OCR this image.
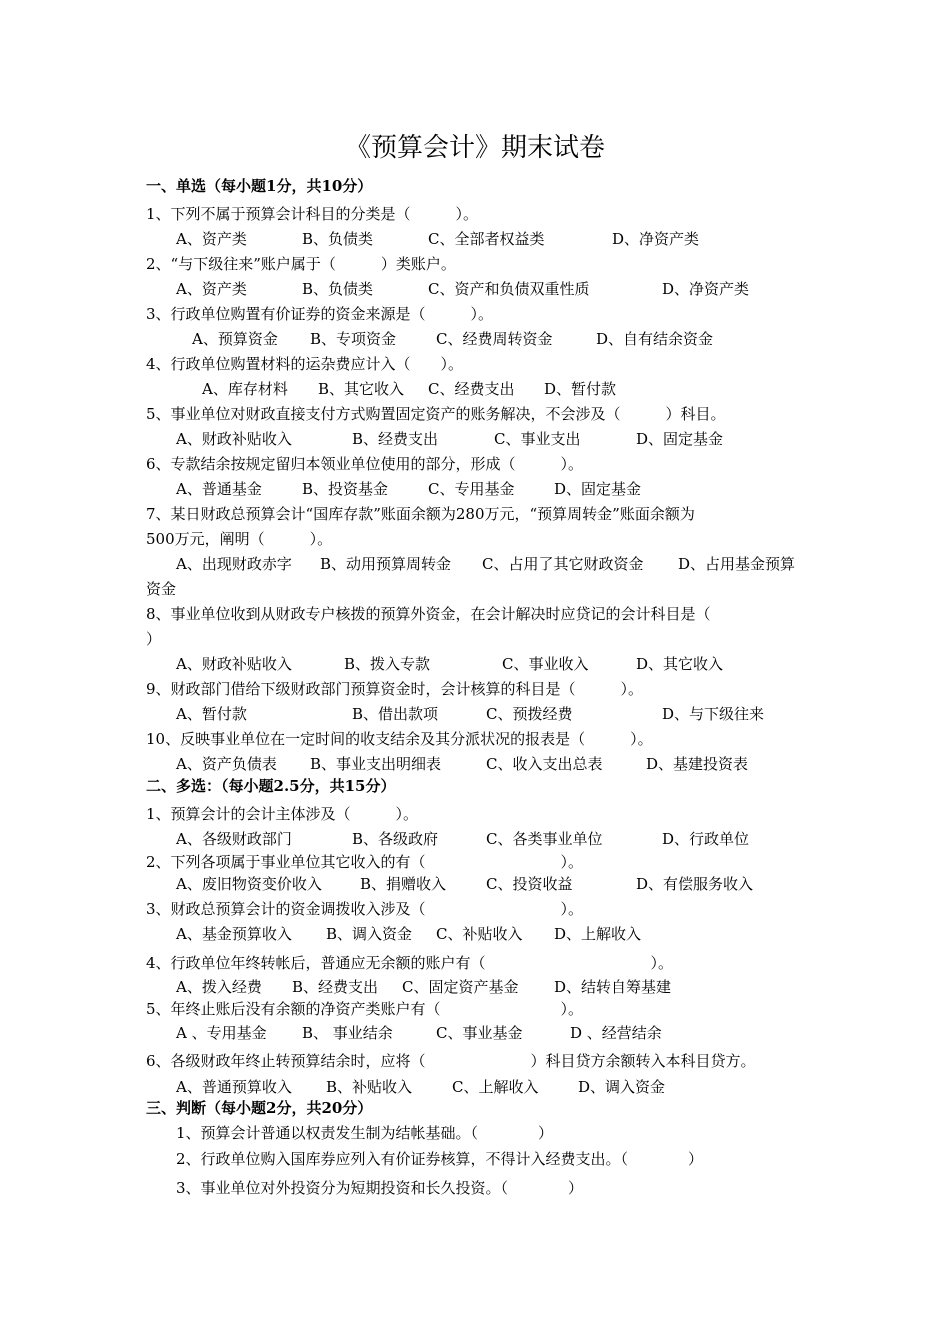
《预算会计》期末试卷
一、单选（每小题1分，共10分）
1、下列不属于预算会计科目的分类是（　　　）。

A、资产类

	B、负债类

	C、全部者权益类

	D、净资产类

2、“与下级往来”账户属于（　　　）类账户。

A、资产类

	B、负债类

	C、资产和负债双重性质

	D、净资产类

3、行政单位购置有价证券的资金来源是（　　　）。

A、预算资金

B、专项资金

	C、经费周转资金

	D、自有结余资金

4、行政单位购置材料的运杂费应计入（　　）。

A、库存材料

B、其它收入

C、经费支出

D、暂付款

5、事业单位对财政直接支付方式购置固定资产的账务解决，不会涉及（　　　）科目。

A、财政补贴收入

	B、经费支出

	C、事业支出

	D、固定基金

6、专款结余按规定留归本领业单位使用的部分，形成（　　　）。

A、普通基金

	B、投资基金

	C、专用基金

	D、固定基金

7、某日财政总预算会计“国库存款”账面余额为280万元，“预算周转金”账面余额为
500万元，阐明（　　　）。

A、出现财政赤字

B、动用预算周转金

C、占用了其它财政资金

D、占用基金预算

资金
8、事业单位收到从财政专户核拨的预算外资金，在会计解决时应贷记的会计科目是（
）

A、财政补贴收入

	B、拨入专款

	C、事业收入

	D、其它收入

9、财政部门借给下级财政部门预算资金时，会计核算的科目是（　　　）。

A、暂付款

	B、借出款项

	C、预拨经费

	D、与下级往来

10、反映事业单位在一定时间的收支结余及其分派状况的报表是（　　　）。

A、资产负债表

B、事业支出明细表

	C、收入支出总表

	D、基建投资表

二、多选：（每小题2.5分，共15分）
1、预算会计的会计主体涉及（　　　）。

A、各级财政部门

	B、各级政府

	C、各类事业单位

	D、行政单位

2、下列各项属于事业单位其它收入的有（　　　　　　　　　）。

A、废旧物资变价收入

	B、捐赠收入

	C、投资收益

	D、有偿服务收入

3、财政总预算会计的资金调拨收入涉及（　　　　　　　　　）。

A、基金预算收入

B、调入资金

C、补贴收入

D、上解收入

4、行政单位年终转帐后，普通应无余额的账户有（　　　　　　　　　　　）。

A、拨入经费

B、经费支出

C、固定资产基金

D、结转自筹基建

5、年终止账后没有余额的净资产类账户有（　　　　　　　　）。

A 、专用基金

B、 事业结余

	C、事业基金

	D 、经营结余

6、各级财政年终止转预算结余时，应将（　　　　　　　）科目贷方余额转入本科目贷方。

A、普通预算收入

B、补贴收入

	C、上解收入

	D、调入资金

三、判断（每小题2分，共20分）
1、预算会计普通以权责发生制为结帐基础。（　　　　）
2、行政单位购入国库券应列入有价证券核算，不得计入经费支出。（　　　　）
3、事业单位对外投资分为短期投资和长久投资。（　　　　）
